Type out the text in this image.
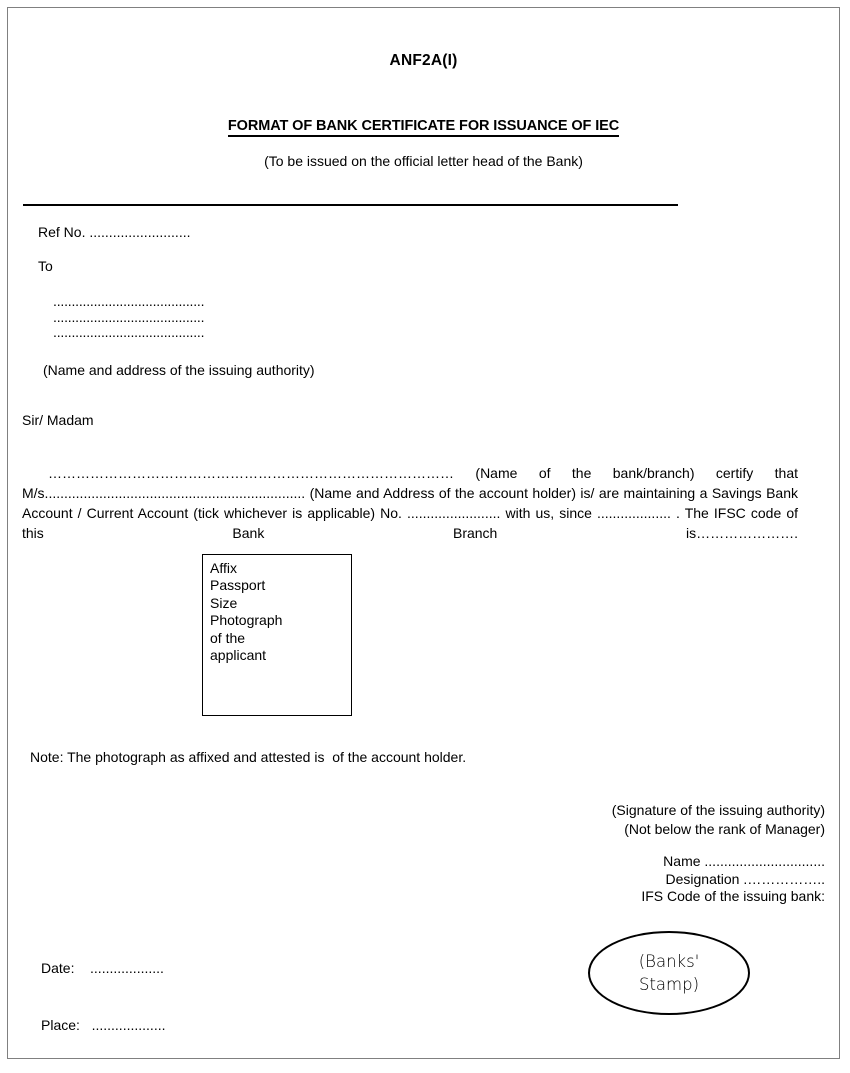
ANF2A(I)
FORMAT OF BANK CERTIFICATE FOR ISSUANCE OF IEC
(To be issued on the official letter head of the Bank)
Ref No. ..........................
To
.........................................
.........................................
.........................................
(Name and address of the issuing authority)
Sir/ Madam
…………………………………………………………………………… (Name of the bank/branch) certify that M/s................................................................... (Name and Address of the account holder) is/ are maintaining a Savings Bank Account / Current Account (tick whichever is applicable) No. ........................ with us, since ................... . The IFSC code of this Bank Branch is………………….
Affix
Passport
Size
Photograph
of the
applicant
Note: The photograph as affixed and attested is  of the account holder.
(Signature of the issuing authority)
(Not below the rank of Manager)
Name ...............................
Designation .……………..
IFS Code of the issuing bank:

Date:    ...................

Place:   ...................

(Banks'
Stamp)
